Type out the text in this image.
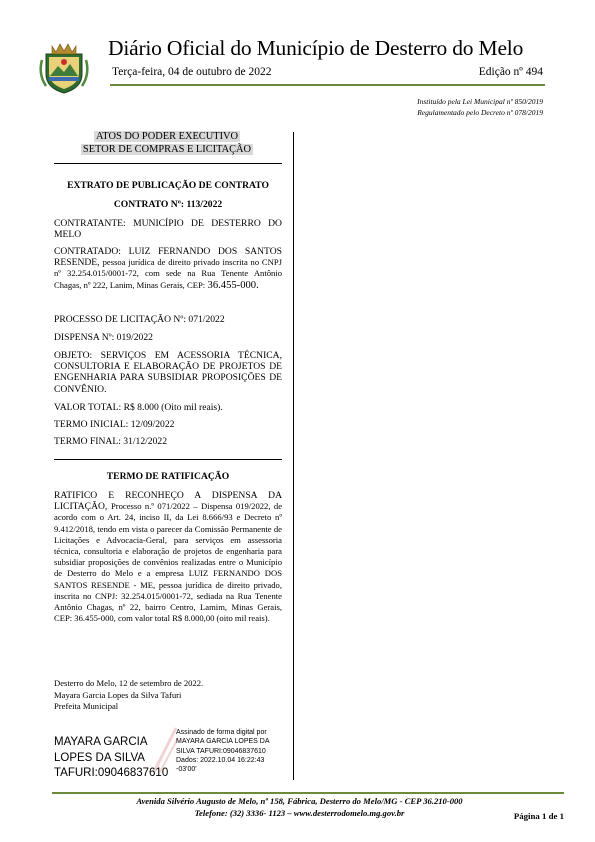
Diário Oficial do Município de Desterro do Melo
Terça-feira, 04 de outubro de 2022	Edição nº 494
Instituído pela Lei Municipal nº 850/2019
Regulamentado pelo Decreto nº 078/2019
ATOS DO PODER EXECUTIVO
SETOR DE COMPRAS E LICITAÇÃO
EXTRATO DE PUBLICAÇÃO DE CONTRATO
CONTRATO Nº: 113/2022
CONTRATANTE: MUNICÍPIO DE DESTERRO DO MELO
CONTRATADO: LUIZ FERNANDO DOS SANTOS RESENDE, pessoa jurídica de direito privado inscrita no CNPJ nº 32.254.015/0001-72, com sede na Rua Tenente Antônio Chagas, nº 222, Lanim, Minas Gerais, CEP: 36.455-000.
PROCESSO DE LICITAÇÃO Nº: 071/2022
DISPENSA Nº: 019/2022
OBJETO: SERVIÇOS EM ACESSORIA TÉCNICA, CONSULTORIA E ELABORAÇÃO DE PROJETOS DE ENGENHARIA PARA SUBSIDIAR PROPOSIÇÕES DE CONVÊNIO.
VALOR TOTAL: R$ 8.000 (Oito mil reais).
TERMO INICIAL: 12/09/2022
TERMO FINAL: 31/12/2022
TERMO DE RATIFICAÇÃO
RATIFICO E RECONHEÇO A DISPENSA DA LICITAÇÃO, Processo n.º 071/2022 – Dispensa 019/2022, de acordo com o Art. 24, inciso II, da Lei 8.666/93 e Decreto nº 9.412/2018, tendo em vista o parecer da Comissão Permanente de Licitações e Advocacia-Geral, para serviços em assessoria técnica, consultoria e elaboração de projetos de engenharia para subsidiar proposições de convênios realizadas entre o Município de Desterro do Melo e a empresa LUIZ FERNANDO DOS SANTOS RESENDE - ME, pessoa jurídica de direito privado, inscrita no CNPJ: 32.254.015/0001-72, sediada na Rua Tenente Antônio Chagas, nº 22, bairro Centro, Lamim, Minas Gerais, CEP: 36.455-000, com valor total R$ 8.000,00 (oito mil reais).
Desterro do Melo, 12 de setembro de 2022.
Mayara Garcia Lopes da Silva Tafuri
Prefeita Municipal
MAYARA GARCIA
LOPES DA SILVA
TAFURI:09046837610
Assinado de forma digital por
MAYARA GARCIA LOPES DA
SILVA TAFURI:09046837610
Dados: 2022.10.04 16:22:43
-03'00'
Avenida Silvério Augusto de Melo, nº 158, Fábrica, Desterro do Melo/MG - CEP 36.210-000
Telefone: (32) 3336- 1123 – www.desterrodomelo.mg.gov.br	Página 1 de 1
